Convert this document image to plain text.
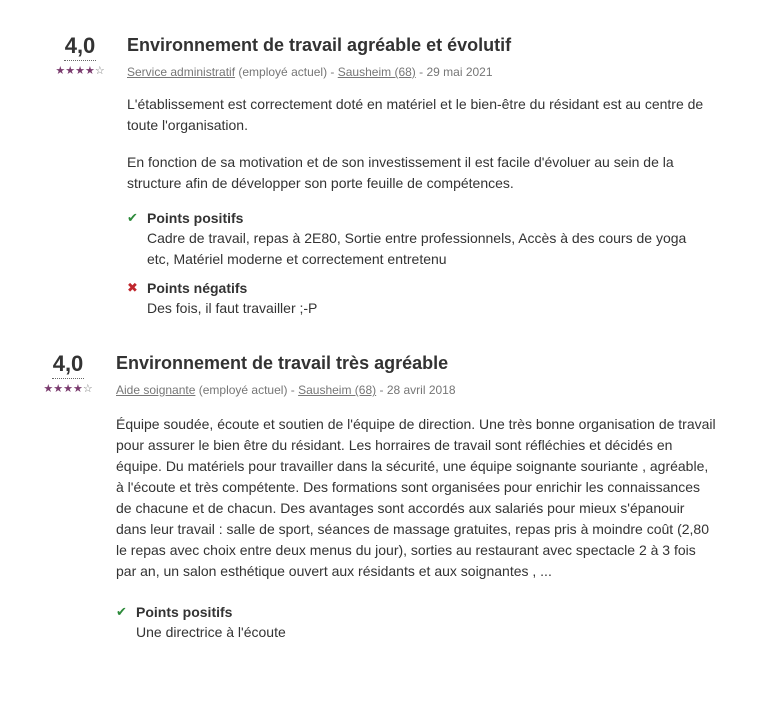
4,0
★★★★☆
Environnement de travail agréable et évolutif
Service administratif (employé actuel) - Sausheim (68) - 29 mai 2021

L'établissement est correctement doté en matériel et le bien-être du résidant est au centre de toute l'organisation.

En fonction de sa motivation et de son investissement il est facile d'évoluer au sein de la structure afin de développer son porte feuille de compétences.

✔ Points positifs
Cadre de travail, repas à 2E80, Sortie entre professionnels, Accès à des cours de yoga etc, Matériel moderne et correctement entretenu
✖ Points négatifs
Des fois, il faut travailler ;-P
4,0
★★★★☆
Environnement de travail très agréable
Aide soignante (employé actuel) - Sausheim (68) - 28 avril 2018

Équipe soudée, écoute et soutien de l'équipe de direction. Une très bonne organisation de travail pour assurer le bien être du résidant. Les horraires de travail sont réfléchies et décidés en équipe. Du matériels pour travailler dans la sécurité, une équipe soignante souriante , agréable, à l'écoute et très compétente. Des formations sont organisées pour enrichir les connaissances de chacune et de chacun. Des avantages sont accordés aux salariés pour mieux s'épanouir dans leur travail : salle de sport, séances de massage gratuites, repas pris à moindre coût (2,80 le repas avec choix entre deux menus du jour), sorties au restaurant avec spectacle 2 à 3 fois par an, un salon esthétique ouvert aux résidants et aux soignantes , ...

✔ Points positifs
Une directrice à l'écoute
